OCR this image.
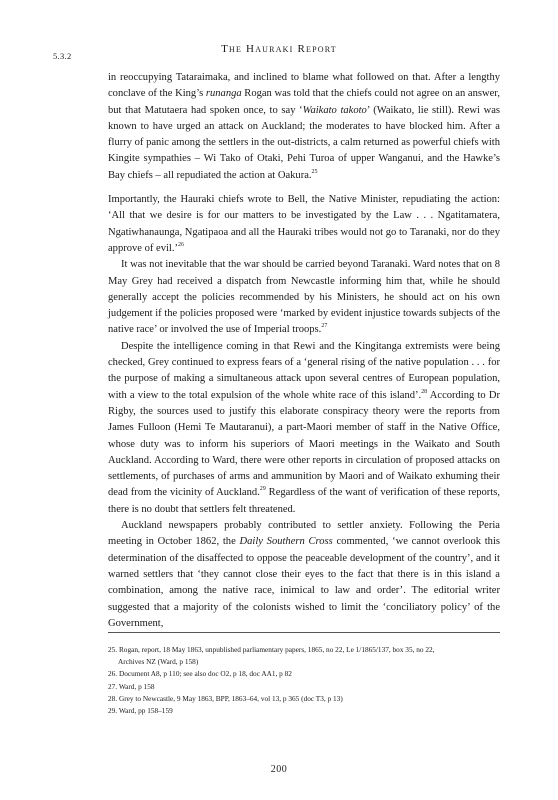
5.3.2
The Hauraki Report

in reoccupying Tataraimaka, and inclined to blame what followed on that. After a lengthy conclave of the King’s runanga Rogan was told that the chiefs could not agree on an answer, but that Matutaera had spoken once, to say ‘Waikato takoto’ (Waikato, lie still). Rewi was known to have urged an attack on Auckland; the moderates to have blocked him. After a flurry of panic among the settlers in the out-districts, a calm returned as powerful chiefs with Kingite sympathies – Wi Tako of Otaki, Pehi Turoa of upper Wanganui, and the Hawke’s Bay chiefs – all repudiated the action at Oakura.$^{25}$

Importantly, the Hauraki chiefs wrote to Bell, the Native Minister, repudiating the action: ‘All that we desire is for our matters to be investigated by the Law . . . Ngatitamatera, Ngatiwhanaunga, Ngatipaoa and all the Hauraki tribes would not go to Taranaki, nor do they approve of evil.’$^{26}$

It was not inevitable that the war should be carried beyond Taranaki. Ward notes that on 8 May Grey had received a dispatch from Newcastle informing him that, while he should generally accept the policies recommended by his Ministers, he should act on his own judgement if the policies proposed were ‘marked by evident injustice towards subjects of the native race’ or involved the use of Imperial troops.$^{27}$

Despite the intelligence coming in that Rewi and the Kingitanga extremists were being checked, Grey continued to express fears of a ‘general rising of the native population . . . for the purpose of making a simultaneous attack upon several centres of European population, with a view to the total expulsion of the whole white race of this island’.$^{28}$ According to Dr Rigby, the sources used to justify this elaborate conspiracy theory were the reports from James Fulloon (Hemi Te Mautaranui), a part-Maori member of staff in the Native Office, whose duty was to inform his superiors of Maori meetings in the Waikato and South Auckland. According to Ward, there were other reports in circulation of proposed attacks on settlements, of purchases of arms and ammunition by Maori and of Waikato exhuming their dead from the vicinity of Auckland.$^{29}$ Regardless of the want of verification of these reports, there is no doubt that settlers felt threatened.

Auckland newspapers probably contributed to settler anxiety. Following the Peria meeting in October 1862, the Daily Southern Cross commented, ‘we cannot overlook this determination of the disaffected to oppose the peaceable development of the country’, and it warned settlers that ‘they cannot close their eyes to the fact that there is in this island a combination, among the native race, inimical to law and order’. The editorial writer suggested that a majority of the colonists wished to limit the ‘conciliatory policy’ of the Government,

25. Rogan, report, 18 May 1863, unpublished parliamentary papers, 1865, no 22, Le 1/1865/137, box 35, no 22,

Archives NZ (Ward, p 158)

26. Document A8, p 110; see also doc O2, p 18, doc AA1, p 82

27. Ward, p 158

28. Grey to Newcastle, 9 May 1863, BPP, 1863–64, vol 13, p 365 (doc T3, p 13)

29. Ward, pp 158–159

200
